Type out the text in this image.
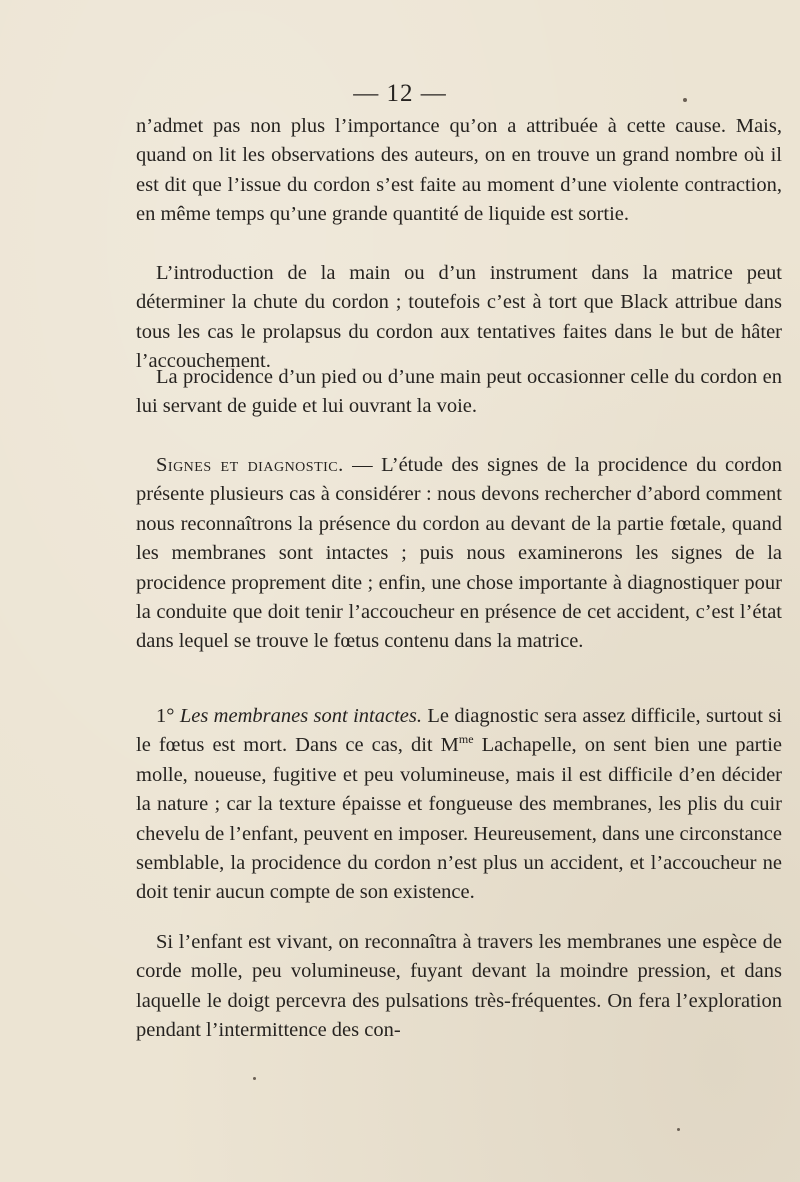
— 12 —

n’admet pas non plus l’importance qu’on a attribuée à cette cause. Mais, quand on lit les observations des auteurs, on en trouve un grand nombre où il est dit que l’issue du cordon s’est faite au moment d’une violente contraction, en même temps qu’une grande quantité de liquide est sortie.

L’introduction de la main ou d’un instrument dans la matrice peut déterminer la chute du cordon ; toutefois c’est à tort que Black attribue dans tous les cas le prolapsus du cordon aux tentatives faites dans le but de hâter l’accouchement.

La procidence d’un pied ou d’une main peut occasionner celle du cordon en lui servant de guide et lui ouvrant la voie.

Signes et diagnostic. — L’étude des signes de la procidence du cordon présente plusieurs cas à considérer : nous devons rechercher d’abord comment nous reconnaîtrons la présence du cordon au devant de la partie fœtale, quand les membranes sont intactes ; puis nous examinerons les signes de la procidence proprement dite ; enfin, une chose importante à diagnostiquer pour la conduite que doit tenir l’accoucheur en présence de cet accident, c’est l’état dans lequel se trouve le fœtus contenu dans la matrice.

1° Les membranes sont intactes. Le diagnostic sera assez difficile, surtout si le fœtus est mort. Dans ce cas, dit $M^{me}$ Lachapelle, on sent bien une partie molle, noueuse, fugitive et peu volumineuse, mais il est difficile d’en décider la nature ; car la texture épaisse et fongueuse des membranes, les plis du cuir chevelu de l’enfant, peuvent en imposer. Heureusement, dans une circonstance semblable, la procidence du cordon n’est plus un accident, et l’accoucheur ne doit tenir aucun compte de son existence.

Si l’enfant est vivant, on reconnaîtra à travers les membranes une espèce de corde molle, peu volumineuse, fuyant devant la moindre pression, et dans laquelle le doigt percevra des pulsations très-fréquentes. On fera l’exploration pendant l’intermittence des con-
